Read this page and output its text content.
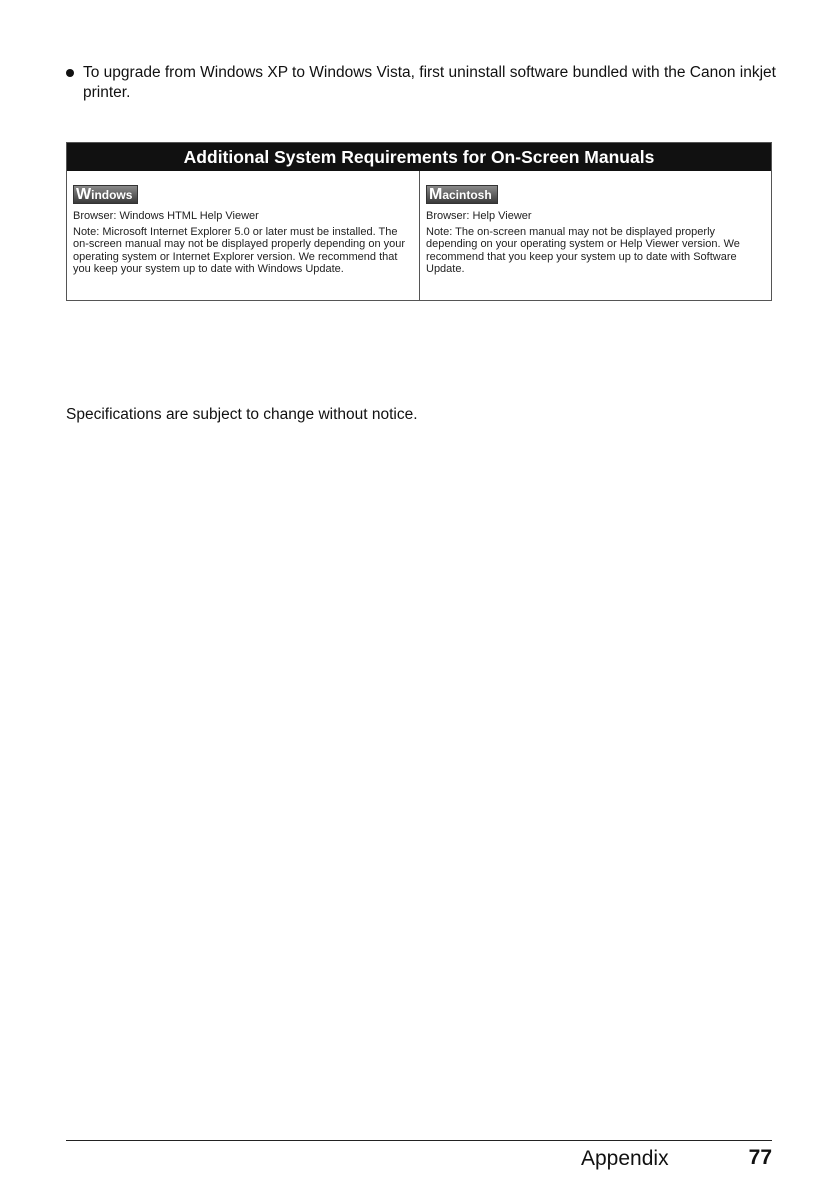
To upgrade from Windows XP to Windows Vista, first uninstall software bundled with the Canon inkjet printer.
Additional System Requirements for On-Screen Manuals
Windows
Browser: Windows HTML Help Viewer
Note: Microsoft Internet Explorer 5.0 or later must be installed. The on-screen manual may not be displayed properly depending on your operating system or Internet Explorer version. We recommend that you keep your system up to date with Windows Update.
Macintosh
Browser: Help Viewer
Note: The on-screen manual may not be displayed properly depending on your operating system or Help Viewer version. We recommend that you keep your system up to date with Software Update.
Specifications are subject to change without notice.
Appendix	77
